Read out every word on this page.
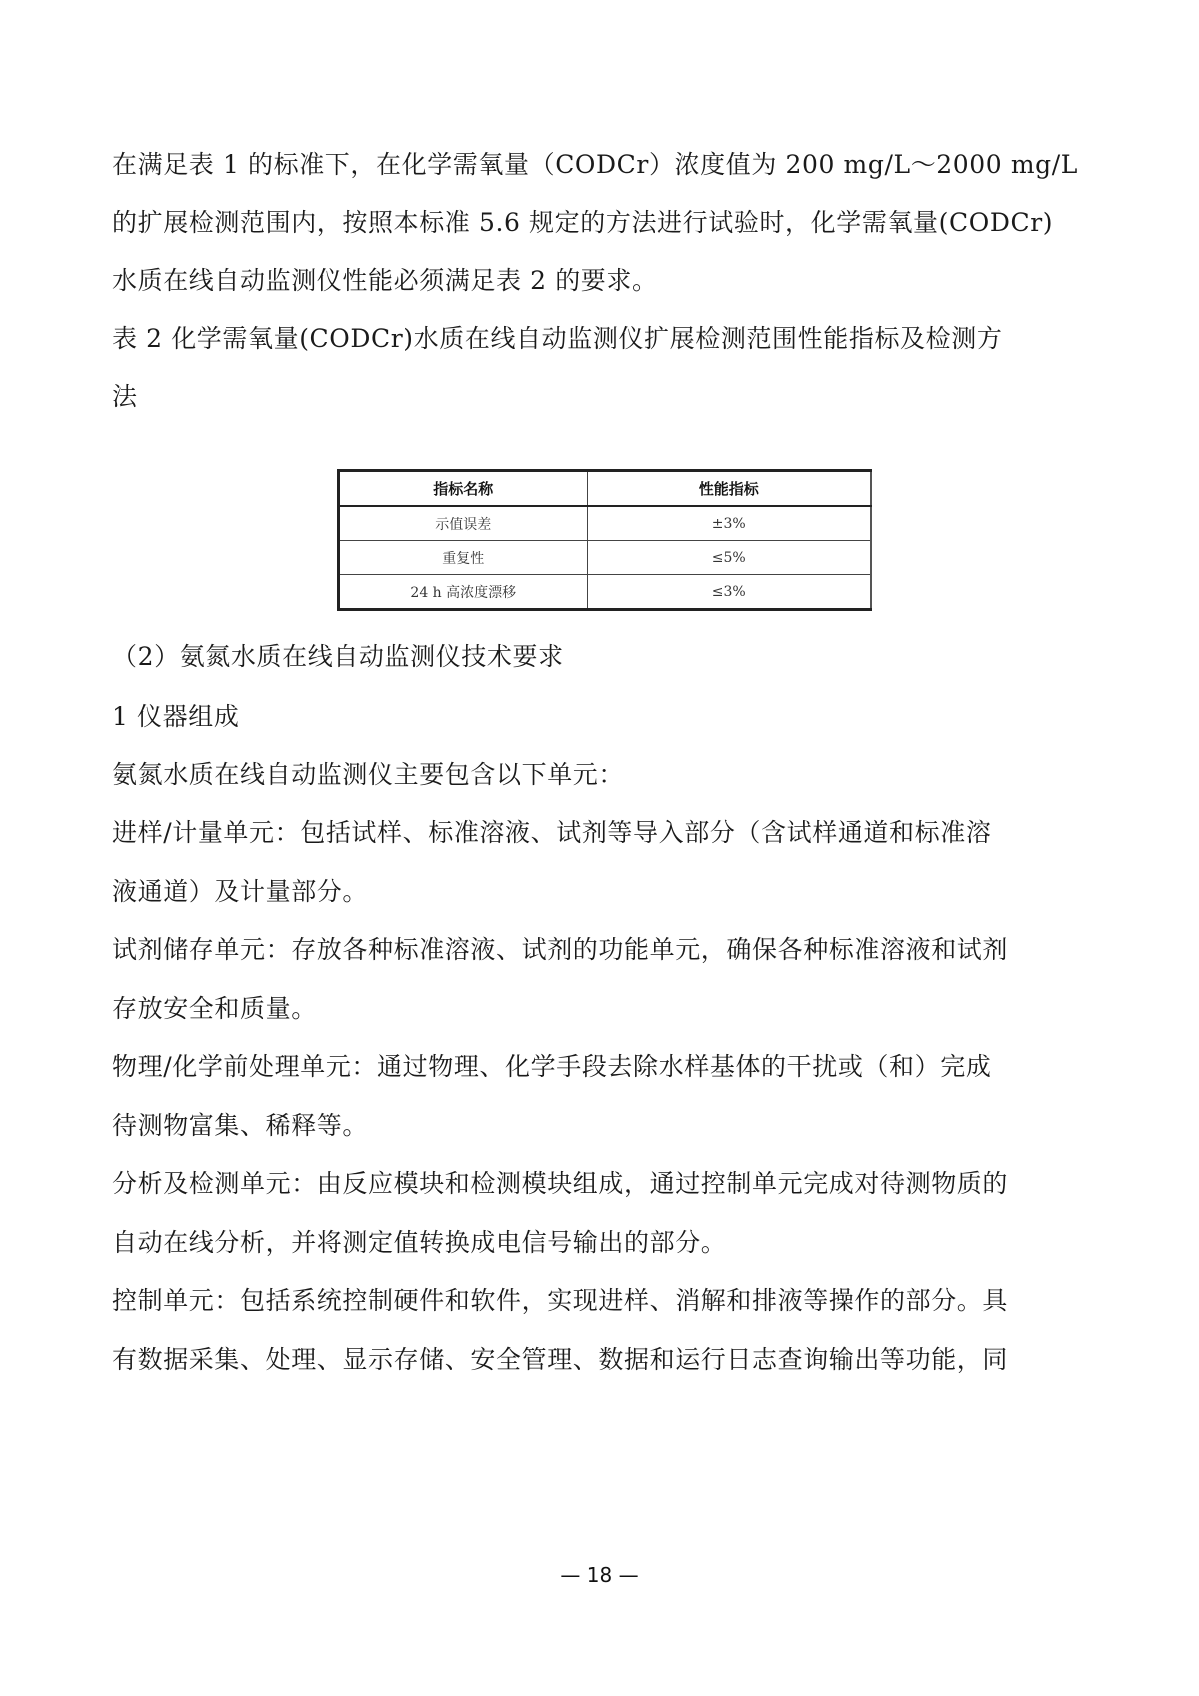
在满足表 1 的标准下，在化学需氧量（CODCr）浓度值为 200 mg/L～2000 mg/L
的扩展检测范围内，按照本标准 5.6 规定的方法进行试验时，化学需氧量(CODCr)
水质在线自动监测仪性能必须满足表 2 的要求。
表 2 化学需氧量(CODCr)水质在线自动监测仪扩展检测范围性能指标及检测方
法
指标名称	性能指标
示值误差	±3%
重复性	≤5%
24 h 高浓度漂移	≤3%
（2）氨氮水质在线自动监测仪技术要求
1 仪器组成
氨氮水质在线自动监测仪主要包含以下单元：
进样/计量单元：包括试样、标准溶液、试剂等导入部分（含试样通道和标准溶
液通道）及计量部分。
试剂储存单元：存放各种标准溶液、试剂的功能单元，确保各种标准溶液和试剂
存放安全和质量。
物理/化学前处理单元：通过物理、化学手段去除水样基体的干扰或（和）完成
待测物富集、稀释等。
分析及检测单元：由反应模块和检测模块组成，通过控制单元完成对待测物质的
自动在线分析，并将测定值转换成电信号输出的部分。
控制单元：包括系统控制硬件和软件，实现进样、消解和排液等操作的部分。具
有数据采集、处理、显示存储、安全管理、数据和运行日志查询输出等功能，同
— 18 —
